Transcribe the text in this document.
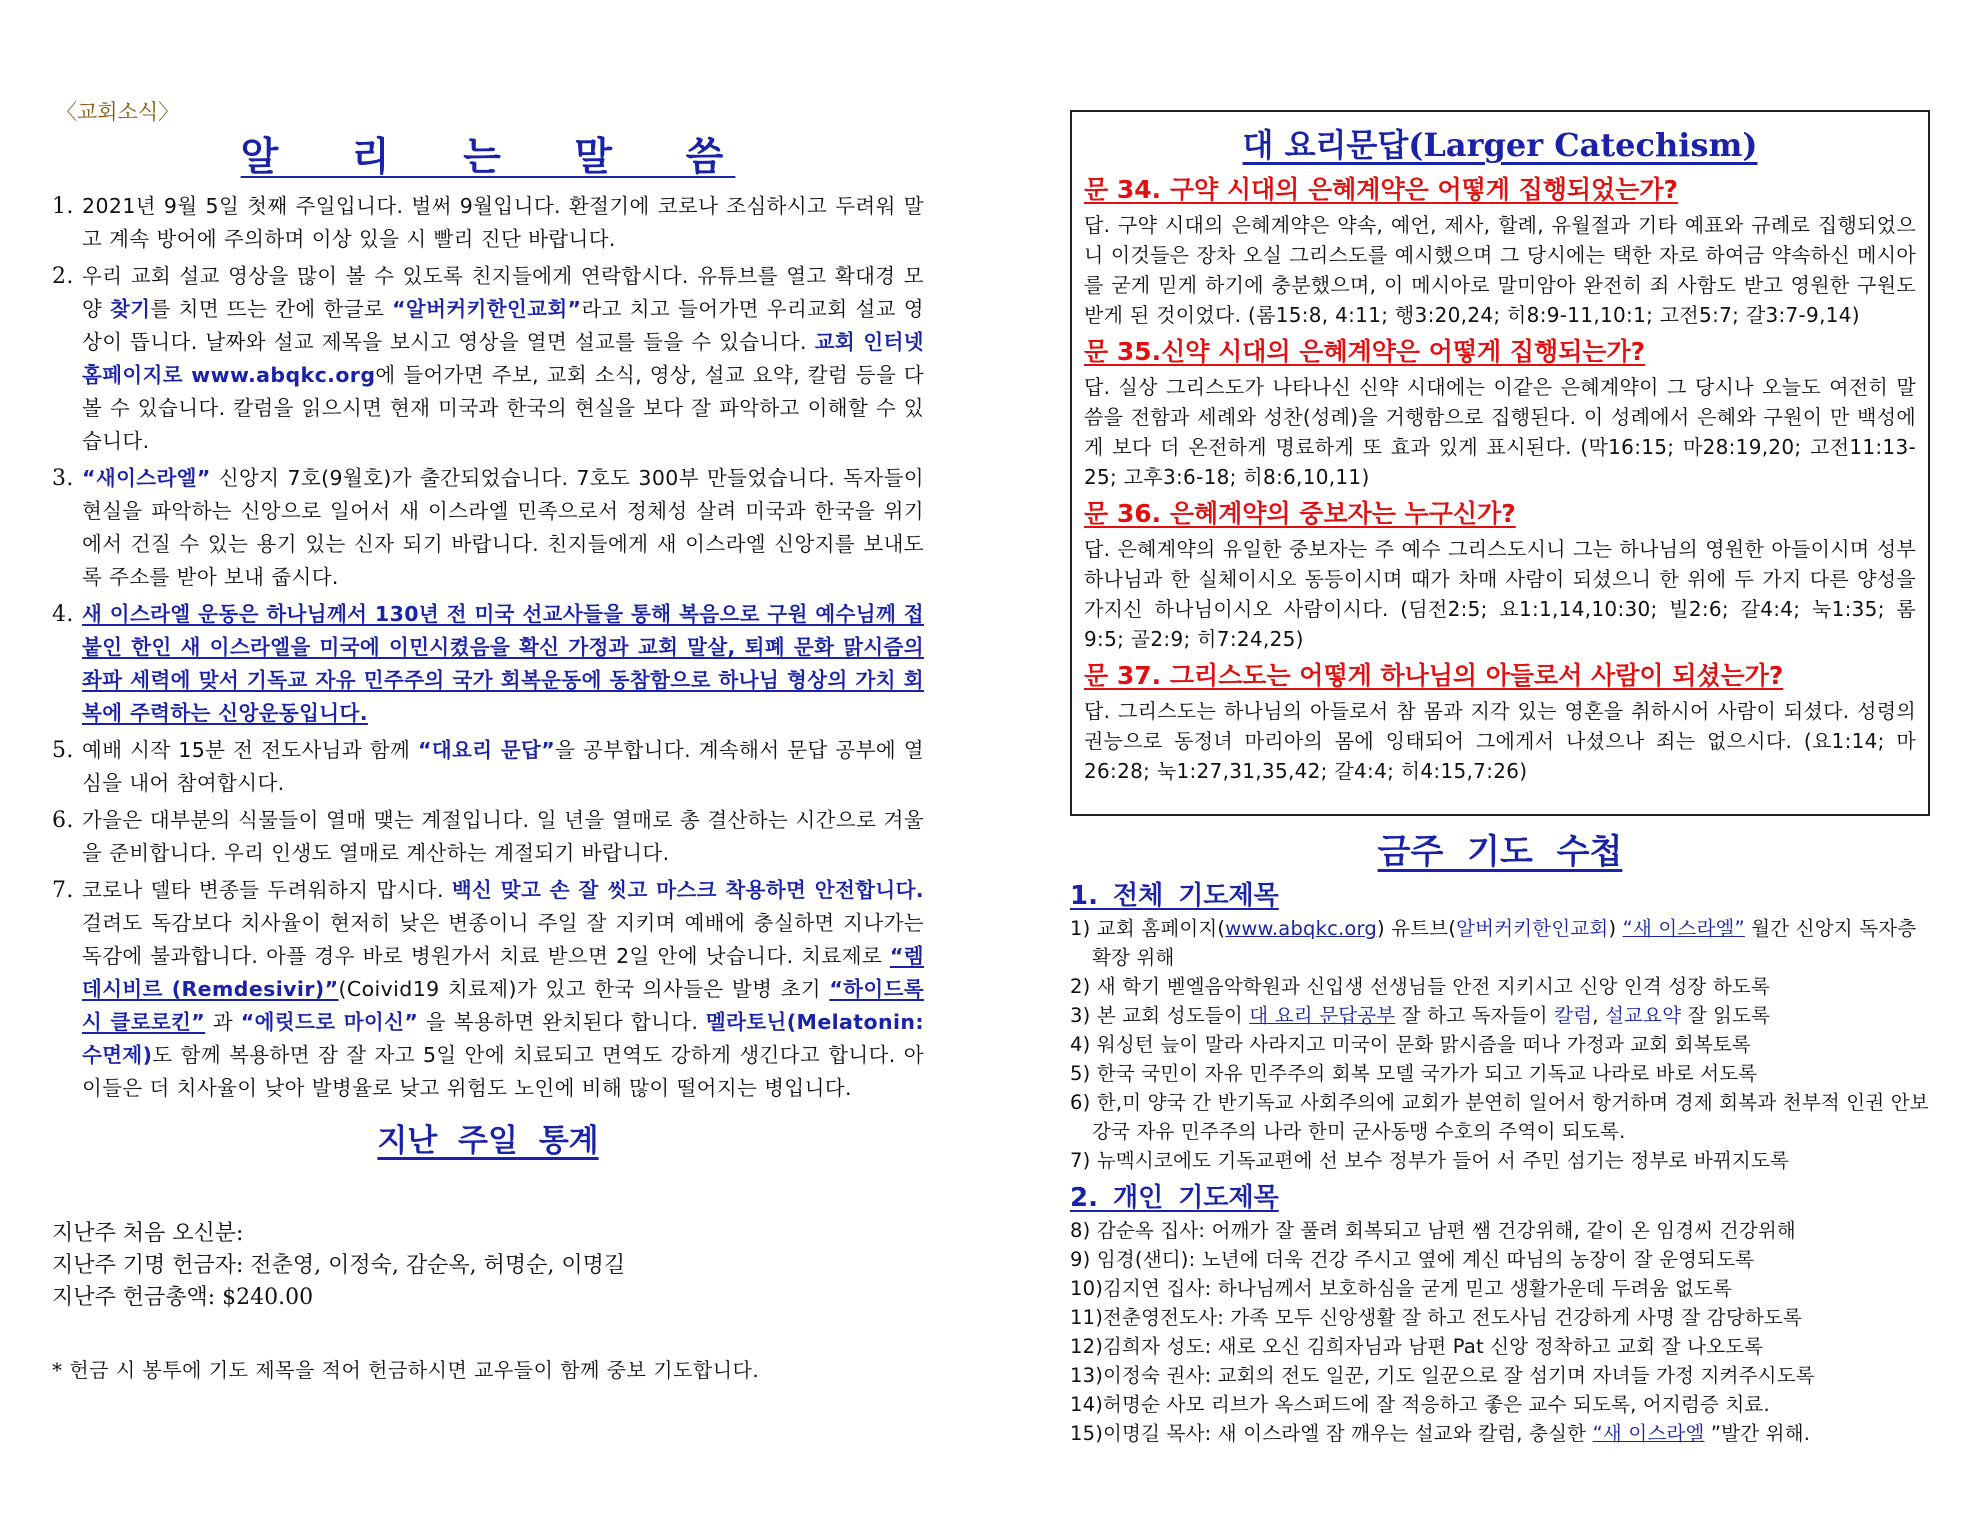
〈교회소식〉
알 리 는 말 씀
1. 2021년 9월 5일 첫째 주일입니다. 벌써 9월입니다. 환절기에 코로나 조심하시고 두려워 말고 계속 방어에 주의하며 이상 있을 시 빨리 진단 바랍니다.
2. 우리 교회 설교 영상을 많이 볼 수 있도록 친지들에게 연락합시다. 유튜브를 열고 확대경 모양 찾기를 치면 뜨는 칸에 한글로 “알버커키한인교회”라고 치고 들어가면 우리교회 설교 영상이 뜹니다. 날짜와 설교 제목을 보시고 영상을 열면 설교를 들을 수 있습니다. 교회 인터넷 홈페이지로 www.abqkc.org에 들어가면 주보, 교회 소식, 영상, 설교 요약, 칼럼 등을 다 볼 수 있습니다. 칼럼을 읽으시면 현재 미국과 한국의 현실을 보다 잘 파악하고 이해할 수 있습니다.
3. “새이스라엘” 신앙지 7호(9월호)가 출간되었습니다. 7호도 300부 만들었습니다. 독자들이 현실을 파악하는 신앙으로 일어서 새 이스라엘 민족으로서 정체성 살려 미국과 한국을 위기에서 건질 수 있는 용기 있는 신자 되기 바랍니다. 친지들에게 새 이스라엘 신앙지를 보내도록 주소를 받아 보내 줍시다.
4. 새 이스라엘 운동은 하나님께서 130년 전 미국 선교사들을 통해 복음으로 구원 예수님께 접붙인 한인 새 이스라엘을 미국에 이민시켰음을 확신 가정과 교회 말살, 퇴폐 문화 맑시즘의 좌파 세력에 맞서 기독교 자유 민주주의 국가 회복운동에 동참함으로 하나님 형상의 가치 회복에 주력하는 신앙운동입니다.
5. 예배 시작 15분 전 전도사님과 함께 “대요리 문답”을 공부합니다. 계속해서 문답 공부에 열심을 내어 참여합시다.
6. 가을은 대부분의 식물들이 열매 맺는 계절입니다. 일 년을 열매로 총 결산하는 시간으로 겨울을 준비합니다. 우리 인생도 열매로 계산하는 계절되기 바랍니다.
7. 코로나 델타 변종들 두려워하지 맙시다. 백신 맞고 손 잘 씻고 마스크 착용하면 안전합니다. 걸려도 독감보다 치사율이 현저히 낮은 변종이니 주일 잘 지키며 예배에 충실하면 지나가는 독감에 불과합니다. 아플 경우 바로 병원가서 치료 받으면 2일 안에 낫습니다. 치료제로 “렘데시비르 (Remdesivir)”(Coivid19 치료제)가 있고 한국 의사들은 발병 초기 “하이드록시 클로로킨” 과 “에릿드로 마이신” 을 복용하면 완치된다 합니다. 멜라토닌(Melatonin:수면제)도 함께 복용하면 잠 잘 자고 5일 안에 치료되고 면역도 강하게 생긴다고 합니다. 아이들은 더 치사율이 낮아 발병율로 낮고 위험도 노인에 비해 많이 떨어지는 병입니다.
지난 주일 통계
지난주 처음 오신분:
지난주 기명 헌금자: 전춘영, 이정숙, 감순옥, 허명순, 이명길
지난주 헌금총액: $240.00
* 헌금 시 봉투에 기도 제목을 적어 헌금하시면 교우들이 함께 중보 기도합니다.
대 요리문답(Larger Catechism)
문 34. 구약 시대의 은혜계약은 어떻게 집행되었는가?
답. 구약 시대의 은혜계약은 약속, 예언, 제사, 할례, 유월절과 기타 예표와 규례로 집행되었으니 이것들은 장차 오실 그리스도를 예시했으며 그 당시에는 택한 자로 하여금 약속하신 메시아를 굳게 믿게 하기에 충분했으며, 이 메시아로 말미암아 완전히 죄 사함도 받고 영원한 구원도 받게 된 것이었다. (롬15:8, 4:11; 행3:20,24; 히8:9-11,10:1; 고전5:7; 갈3:7-9,14)
문 35.신약 시대의 은혜계약은 어떻게 집행되는가?
답. 실상 그리스도가 나타나신 신약 시대에는 이같은 은혜계약이 그 당시나 오늘도 여전히 말씀을 전함과 세례와 성찬(성례)을 거행함으로 집행된다. 이 성례에서 은혜와 구원이 만 백성에게 보다 더 온전하게 명료하게 또 효과 있게 표시된다. (막16:15; 마28:19,20; 고전11:13-25; 고후3:6-18; 히8:6,10,11)
문 36. 은혜계약의 중보자는 누구신가?
답. 은혜계약의 유일한 중보자는 주 예수 그리스도시니 그는 하나님의 영원한 아들이시며 성부 하나님과 한 실체이시오 동등이시며 때가 차매 사람이 되셨으니 한 위에 두 가지 다른 양성을 가지신 하나님이시오 사람이시다. (딤전2:5; 요1:1,14,10:30; 빌2:6; 갈4:4; 눅1:35; 롬9:5; 골2:9; 히7:24,25)
문 37. 그리스도는 어떻게 하나님의 아들로서 사람이 되셨는가?
답. 그리스도는 하나님의 아들로서 참 몸과 지각 있는 영혼을 취하시어 사람이 되셨다. 성령의 권능으로 동정녀 마리아의 몸에 잉태되어 그에게서 나셨으나 죄는 없으시다. (요1:14; 마26:28; 눅1:27,31,35,42; 갈4:4; 히4:15,7:26)
금주 기도 수첩
1. 전체 기도제목
1) 교회 홈페이지(www.abqkc.org) 유트브(알버커키한인교회) “새 이스라엘” 월간 신앙지 독자층 확장 위해
2) 새 학기 벧엘음악학원과 신입생 선생님들 안전 지키시고 신앙 인격 성장 하도록
3) 본 교회 성도들이 대 요리 문답공부 잘 하고 독자들이 칼럼, 설교요약 잘 읽도록
4) 워싱턴 늪이 말라 사라지고 미국이 문화 맑시즘을 떠나 가정과 교회 회복토록
5) 한국 국민이 자유 민주주의 회복 모델 국가가 되고 기독교 나라로 바로 서도록
6) 한,미 양국 간 반기독교 사회주의에 교회가 분연히 일어서 항거하며 경제 회복과 천부적 인권 안보강국 자유 민주주의 나라 한미 군사동맹 수호의 주역이 되도록.
7) 뉴멕시코에도 기독교편에 선 보수 정부가 들어 서 주민 섬기는 정부로 바뀌지도록
2. 개인 기도제목
8) 감순옥 집사: 어깨가 잘 풀려 회복되고 남편 쌤 건강위해, 같이 온 임경씨 건강위해
9) 임경(샌디): 노년에 더욱 건강 주시고 옆에 계신 따님의 농장이 잘 운영되도록
10)김지연 집사: 하나님께서 보호하심을 굳게 믿고 생활가운데 두려움 없도록
11)전춘영전도사: 가족 모두 신앙생활 잘 하고 전도사님 건강하게 사명 잘 감당하도록
12)김희자 성도: 새로 오신 김희자님과 남편 Pat 신앙 정착하고 교회 잘 나오도록
13)이정숙 권사: 교회의 전도 일꾼, 기도 일꾼으로 잘 섬기며 자녀들 가정 지켜주시도록
14)허명순 사모 리브가 옥스퍼드에 잘 적응하고 좋은 교수 되도록, 어지럼증 치료.
15)이명길 목사: 새 이스라엘 잠 깨우는 설교와 칼럼, 충실한 “새 이스라엘 ”발간 위해.
